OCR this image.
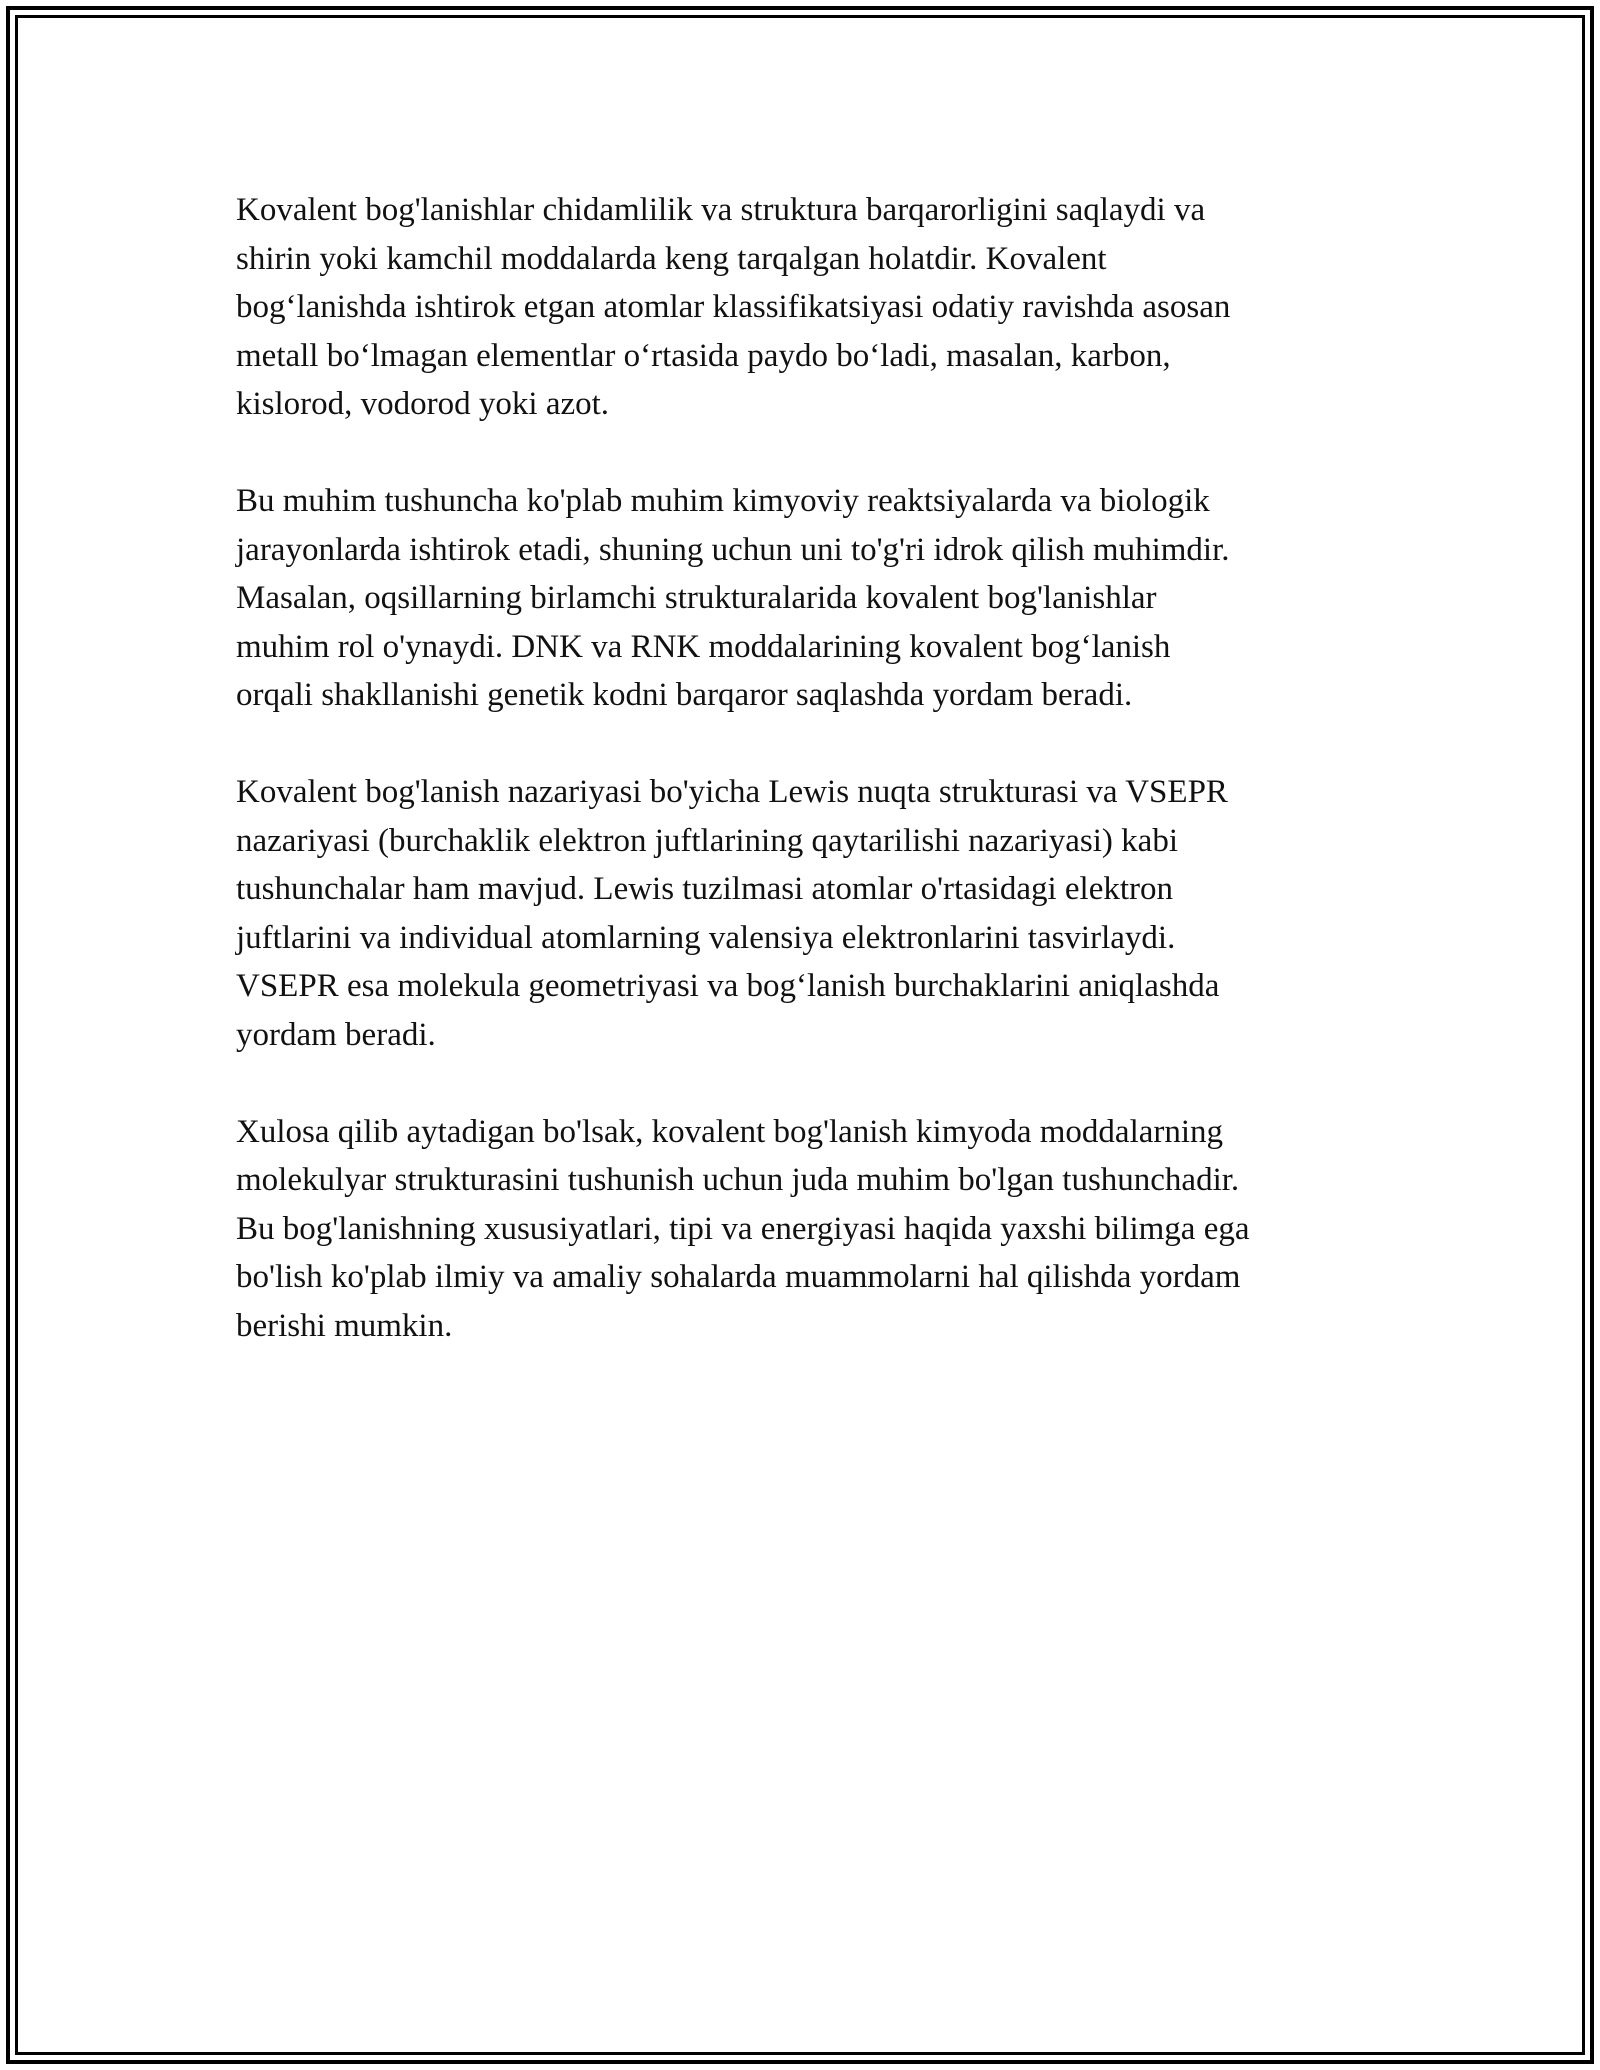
Kovalent bog'lanishlar chidamlilik va struktura barqarorligini saqlaydi va
shirin yoki kamchil moddalarda keng tarqalgan holatdir. Kovalent
bog‘lanishda ishtirok etgan atomlar klassifikatsiyasi odatiy ravishda asosan
metall bo‘lmagan elementlar o‘rtasida paydo bo‘ladi, masalan, karbon,
kislorod, vodorod yoki azot.

Bu muhim tushuncha ko'plab muhim kimyoviy reaktsiyalarda va biologik
jarayonlarda ishtirok etadi, shuning uchun uni to'g'ri idrok qilish muhimdir.
Masalan, oqsillarning birlamchi strukturalarida kovalent bog'lanishlar
muhim rol o'ynaydi. DNK va RNK moddalarining kovalent bog‘lanish
orqali shakllanishi genetik kodni barqaror saqlashda yordam beradi.

Kovalent bog'lanish nazariyasi bo'yicha Lewis nuqta strukturasi va VSEPR
nazariyasi (burchaklik elektron juftlarining qaytarilishi nazariyasi) kabi
tushunchalar ham mavjud. Lewis tuzilmasi atomlar o'rtasidagi elektron
juftlarini va individual atomlarning valensiya elektronlarini tasvirlaydi.
VSEPR esa molekula geometriyasi va bog‘lanish burchaklarini aniqlashda
yordam beradi.

Xulosa qilib aytadigan bo'lsak, kovalent bog'lanish kimyoda moddalarning
molekulyar strukturasini tushunish uchun juda muhim bo'lgan tushunchadir.
Bu bog'lanishning xususiyatlari, tipi va energiyasi haqida yaxshi bilimga ega
bo'lish ko'plab ilmiy va amaliy sohalarda muammolarni hal qilishda yordam
berishi mumkin.
